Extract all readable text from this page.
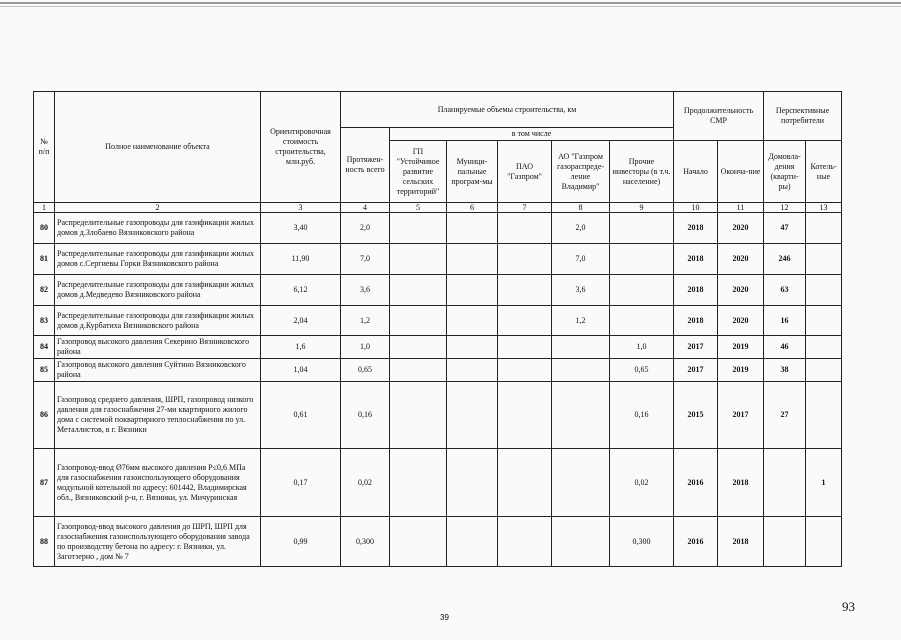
№ п/п	Полное наименование объекта	Ориентировочная стоимость строительства, млн.руб.	Планируемые объемы строительства, км						Продолжительность СМР		Перспективные потребители	
			Протяжен-ность всего	в том числе								
				ГП "Устойчивое развитие сельских территорий"	Муници-пальные програм-мы	ПАО "Газпром"	АО "Газпром газораспреде-ление Владимир"	Прочие инвесторы (в т.ч. население)	Начало	Оконча-ние	Домовла-дения (кварти-ры)	Котель-ные
1	2	3	4	5	6	7	8	9	10	11	12	13
80	Распределительные газопроводы для газификации жилых домов д.Злобаево Вязниковского района	3,40	2,0				2,0		2018	2020	47	
81	Распределительные газопроводы для газификации жилых домов с.Сергиевы Горки Вязниковского района	11,90	7,0				7,0		2018	2020	246	
82	Распределительные газопроводы для газификации жилых домов д.Медведево Вязниковского района	6,12	3,6				3,6		2018	2020	63	
83	Распределительные газопроводы для газификации жилых домов д.Курбатиха Вязниковского района	2,04	1,2				1,2		2018	2020	16	
84	Газопровод высокого давления Секерино Вязниковского района	1,6	1,0					1,0	2017	2019	46	
85	Газопровод высокого давления Суйтино Вязниковского района	1,04	0,65					0,65	2017	2019	38	
86	Газопровод среднего давления, ШРП, газопровод низкого давления для газоснабжения 27-ми квартирного жилого дома с системой поквартирного теплоснабжения по ул. Металлистов, в г. Вязники	0,61	0,16					0,16	2015	2017	27	
87	Газопровод-ввод Ø76мм высокого давления Р≤0,6 МПа для газоснабжения газоиспользующего оборудования модульной котельной по адресу: 601442, Владимирская обл., Вязниковский р-н, г. Вязники, ул. Мичуринская	0,17	0,02					0,02	2016	2018		1
88	Газопровод-ввод высокого давления до ШРП, ШРП для газоснабжения газоиспользующего оборудования завода по производству бетона по адресу: г. Вязники, ул. Заготзерно , дом № 7	0,99	0,300					0,300	2016	2018		
39
93
